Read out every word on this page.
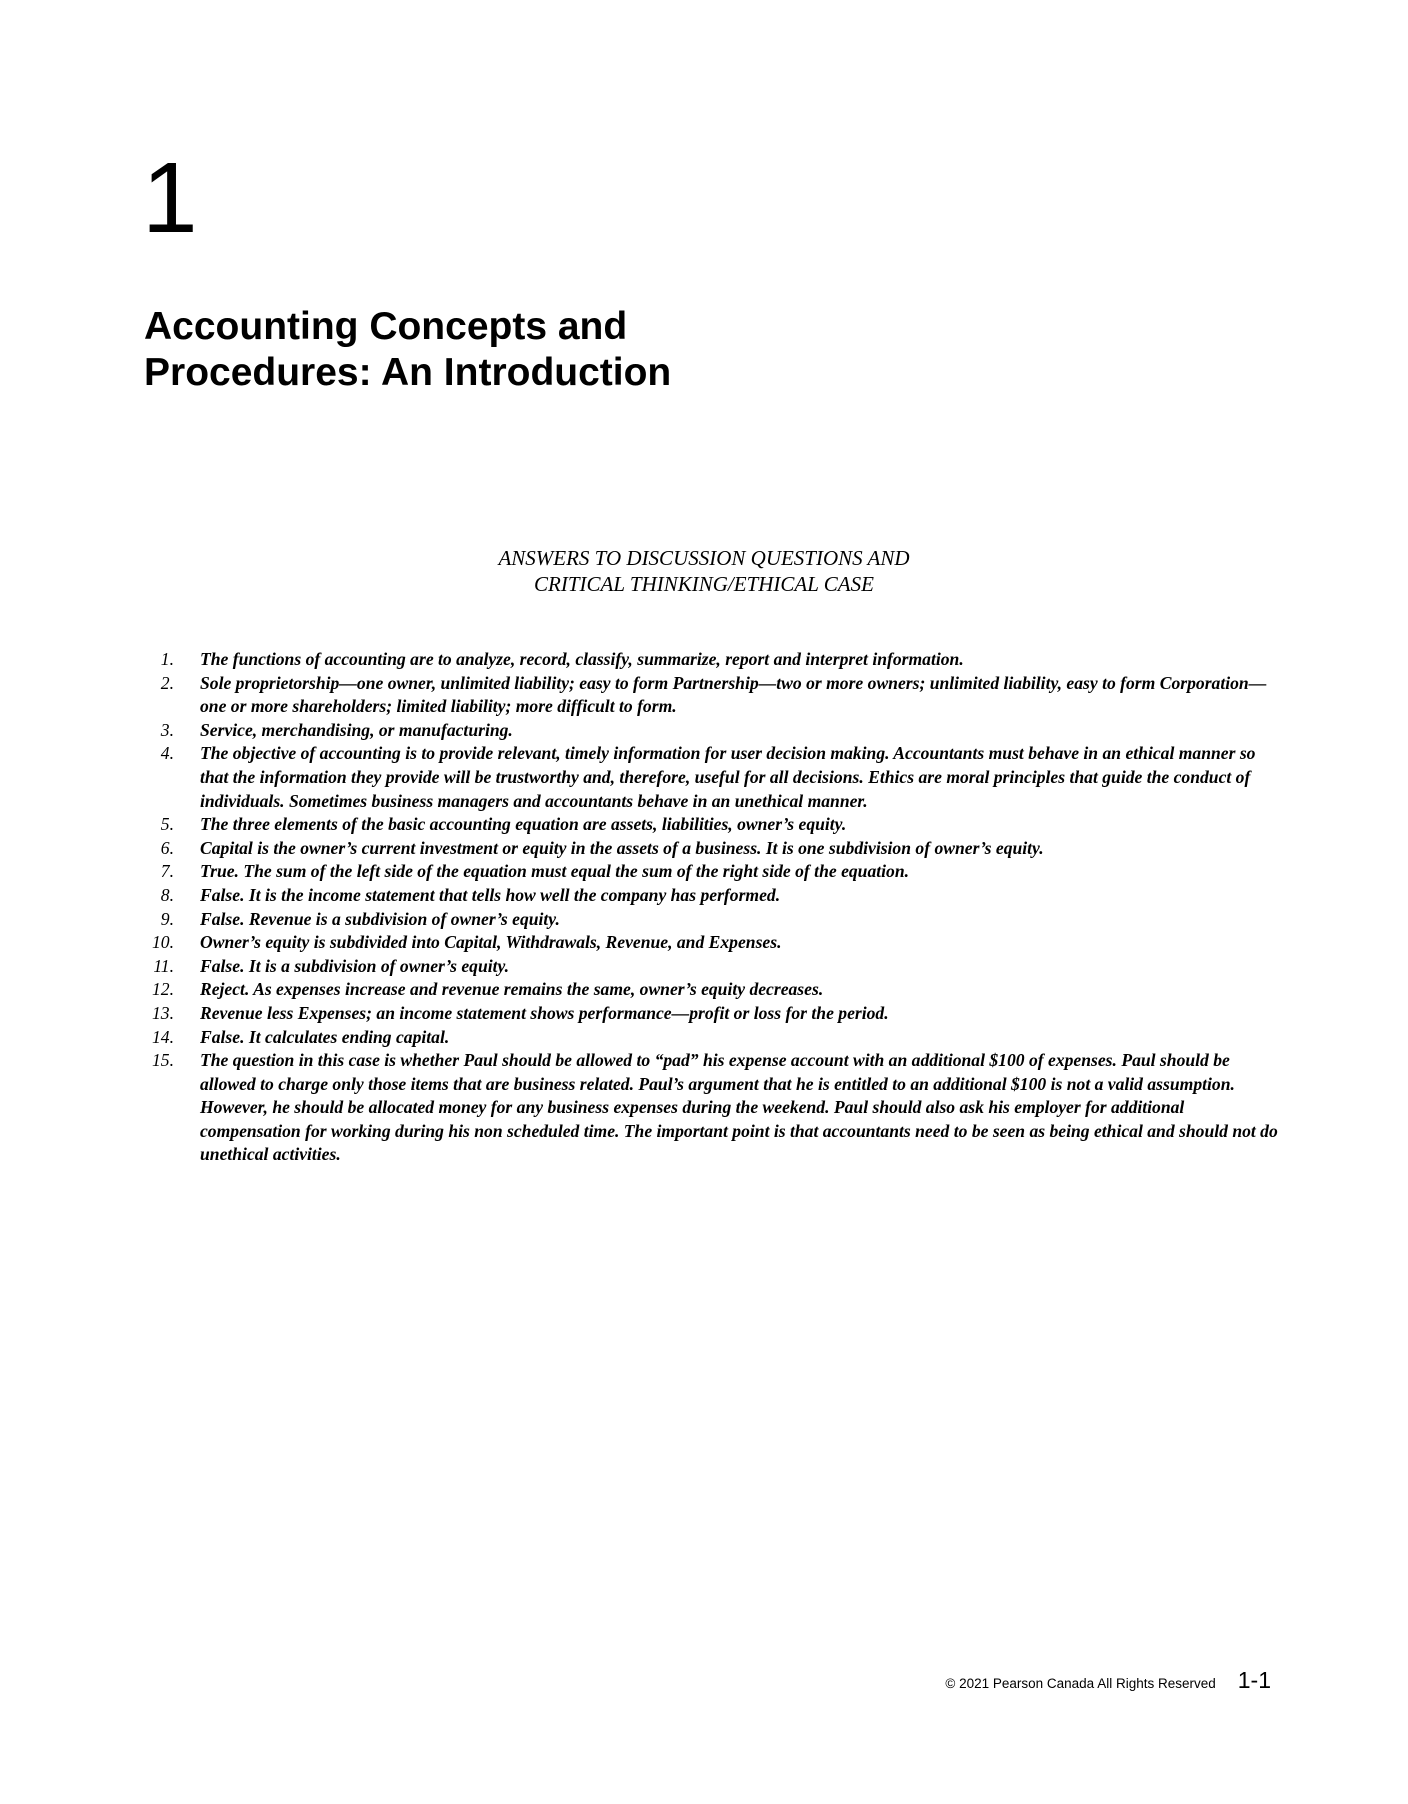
1
Accounting Concepts and
Procedures: An Introduction
ANSWERS TO DISCUSSION QUESTIONS AND
CRITICAL THINKING/ETHICAL CASE
1. The functions of accounting are to analyze, record, classify, summarize, report and interpret information.
2. Sole proprietorship—one owner, unlimited liability; easy to form Partnership—two or more owners; unlimited liability, easy to form Corporation—one or more shareholders; limited liability; more difficult to form.
3. Service, merchandising, or manufacturing.
4. The objective of accounting is to provide relevant, timely information for user decision making. Accountants must behave in an ethical manner so that the information they provide will be trustworthy and, therefore, useful for all decisions. Ethics are moral principles that guide the conduct of individuals. Sometimes business managers and accountants behave in an unethical manner.
5. The three elements of the basic accounting equation are assets, liabilities, owner’s equity.
6. Capital is the owner’s current investment or equity in the assets of a business. It is one subdivision of owner’s equity.
7. True. The sum of the left side of the equation must equal the sum of the right side of the equation.
8. False. It is the income statement that tells how well the company has performed.
9. False. Revenue is a subdivision of owner’s equity.
10. Owner’s equity is subdivided into Capital, Withdrawals, Revenue, and Expenses.
11. False. It is a subdivision of owner’s equity.
12. Reject. As expenses increase and revenue remains the same, owner’s equity decreases.
13. Revenue less Expenses; an income statement shows performance—profit or loss for the period.
14. False. It calculates ending capital.
15. The question in this case is whether Paul should be allowed to “pad” his expense account with an additional $100 of expenses. Paul should be allowed to charge only those items that are business related. Paul’s argument that he is entitled to an additional $100 is not a valid assumption. However, he should be allocated money for any business expenses during the weekend. Paul should also ask his employer for additional compensation for working during his non scheduled time. The important point is that accountants need to be seen as being ethical and should not do unethical activities.
© 2021 Pearson Canada All Rights Reserved 1-1
